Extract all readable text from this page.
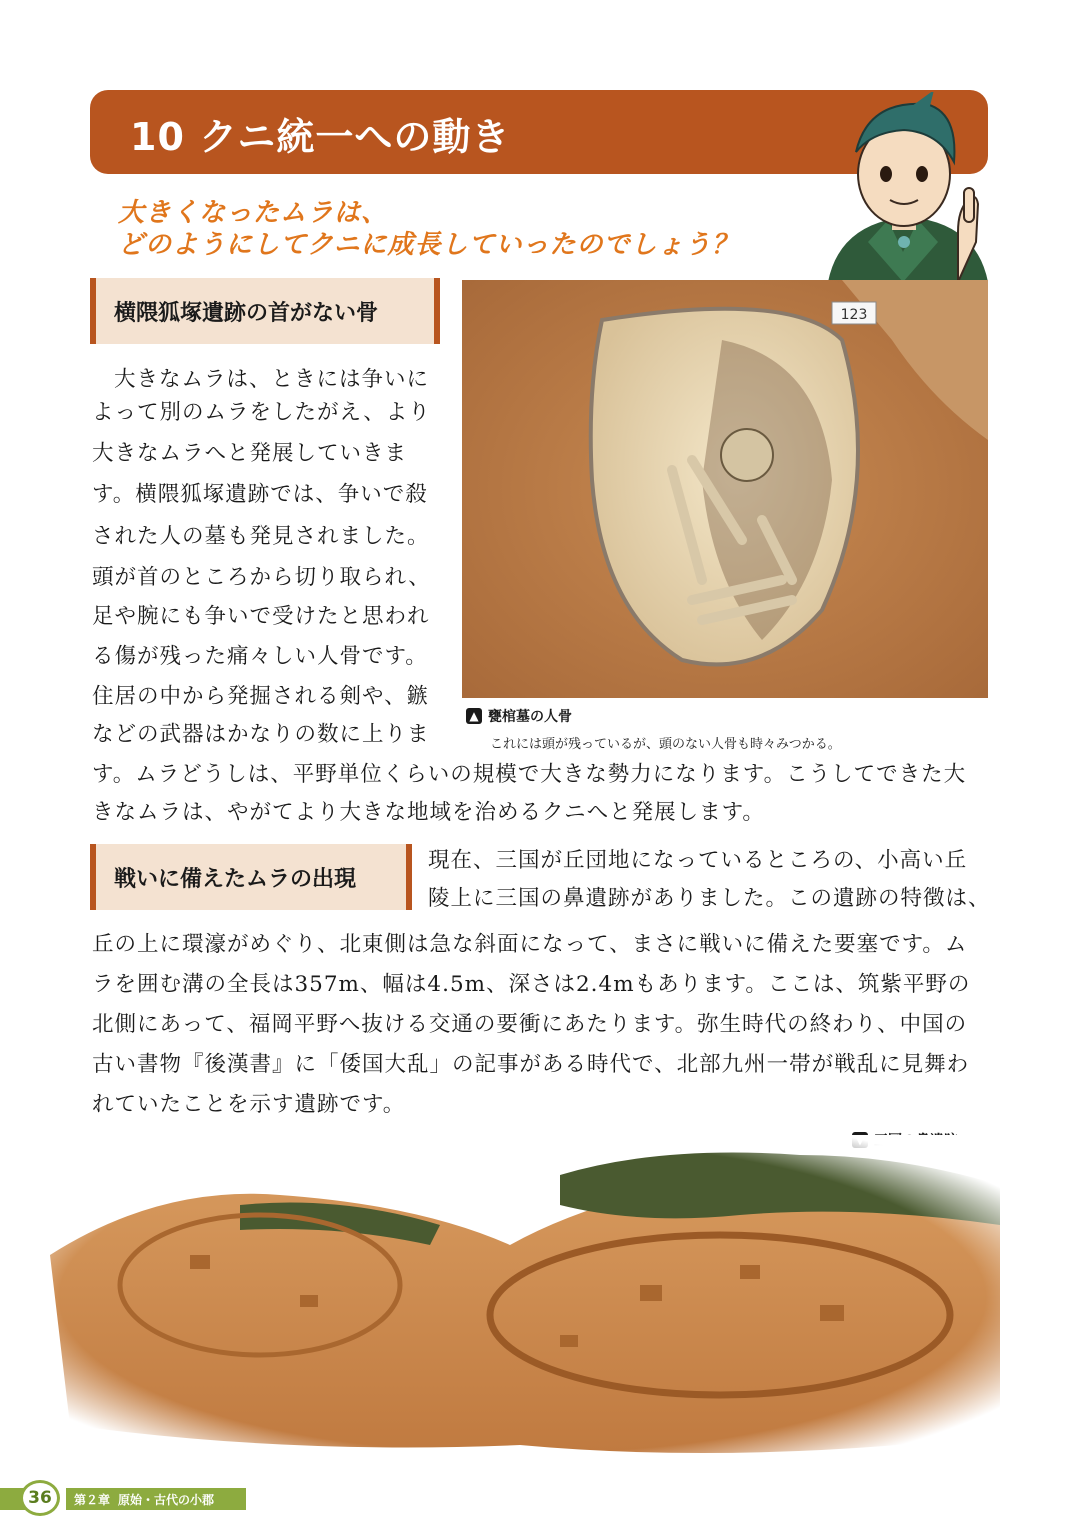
10 クニ統一への動き
大きくなったムラは、
どのようにしてクニに成長していったのでしょう？
横隈狐塚遺跡の首がない骨
大きなムラは、ときには争いに
よって別のムラをしたがえ、より
大きなムラへと発展していきま
す。横隈狐塚遺跡では、争いで殺
された人の墓も発見されました。
頭が首のところから切り取られ、
足や腕にも争いで受けたと思われ
る傷が残った痛々しい人骨です。
住居の中から発掘される剣や、鏃
などの武器はかなりの数に上りま
す。ムラどうしは、平野単位くらいの規模で大きな勢力になります。こうしてできた大
きなムラは、やがてより大きな地域を治めるクニへと発展します。
123
▲ 甕棺墓の人骨
これには頭が残っているが、頭のない人骨も時々みつかる。
戦いに備えたムラの出現
現在、三国が丘団地になっているところの、小高い丘
陵上に三国の鼻遺跡がありました。この遺跡の特徴は、
丘の上に環濠がめぐり、北東側は急な斜面になって、まさに戦いに備えた要塞です。ム
ラを囲む溝の全長は357m、幅は4.5m、深さは2.4mもあります。ここは、筑紫平野の
北側にあって、福岡平野へ抜ける交通の要衝にあたります。弥生時代の終わり、中国の
古い書物『後漢書』に「倭国大乱」の記事がある時代で、北部九州一帯が戦乱に見舞わ
れていたことを示す遺跡です。
第２章 原始・古代の小郡
36
